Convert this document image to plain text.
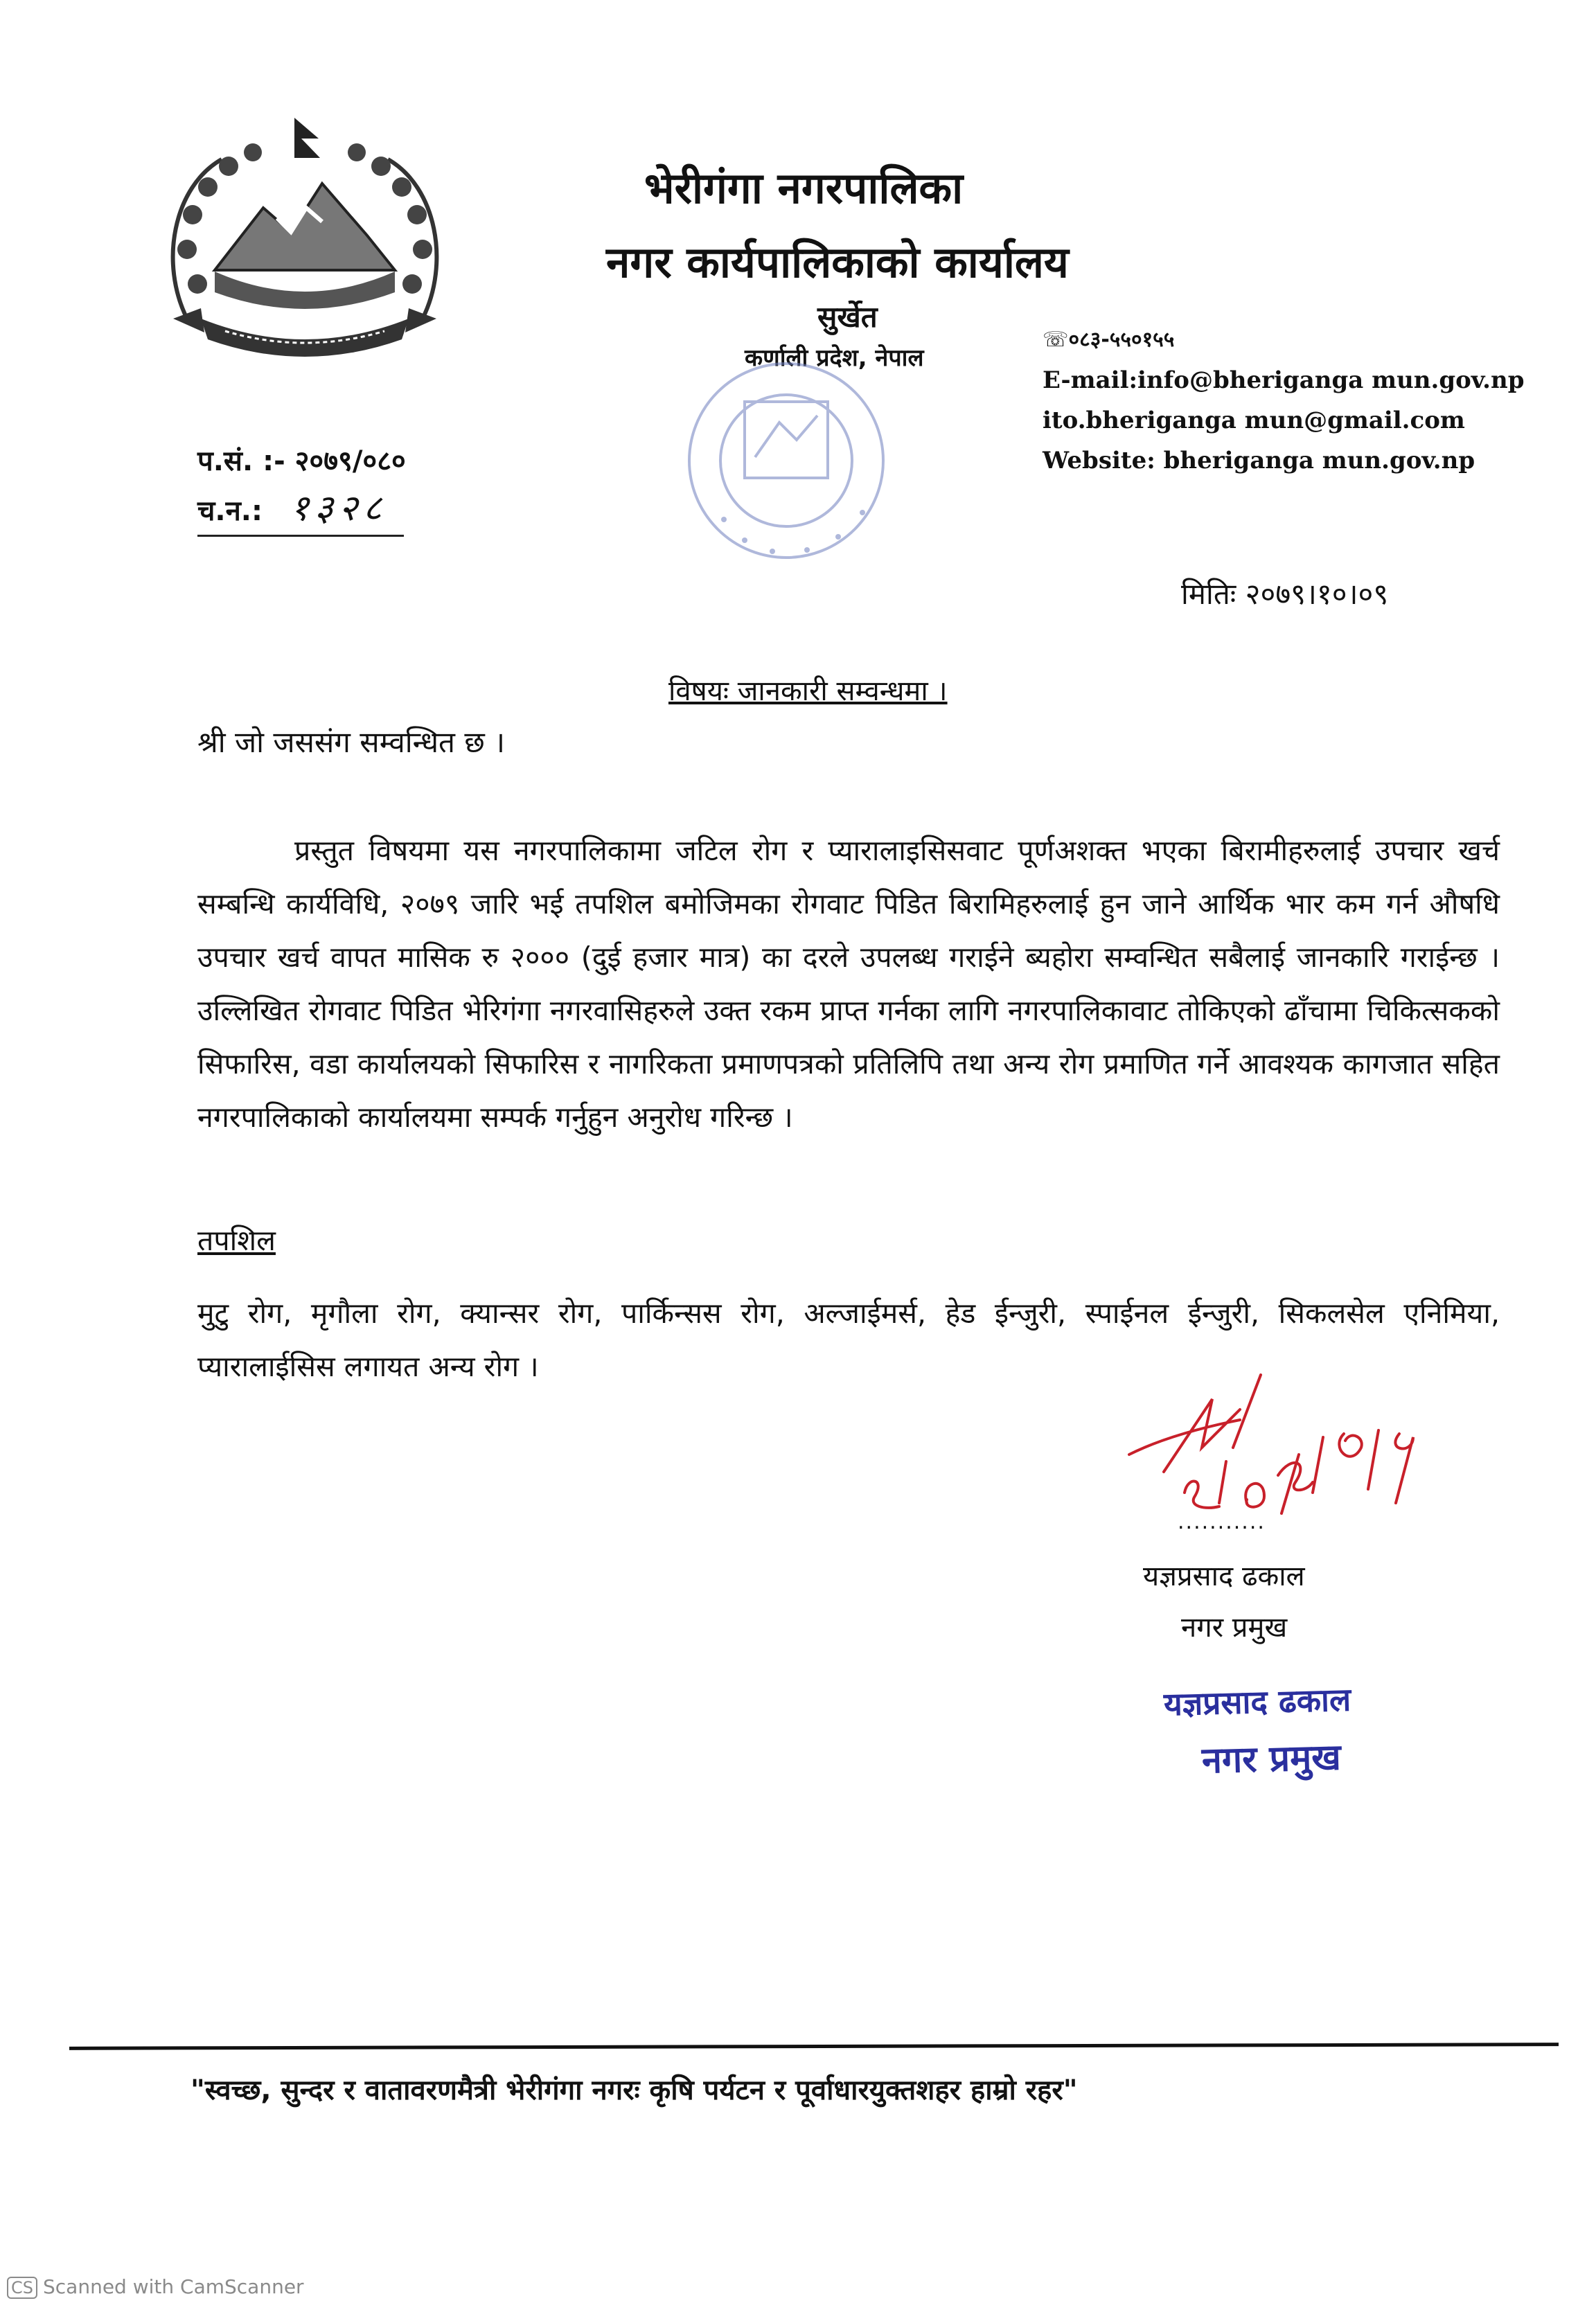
भेरीगंगा नगरपालिका
नगर कार्यपालिकाको कार्यालय
सुर्खेत
कर्णाली प्रदेश, नेपाल
☏०८३-५५०१५५
E-mail:info@bheriganga mun.gov.np
ito.bheriganga mun@gmail.com
Website: bheriganga mun.gov.np
प.सं. :- २०७९/०८०
च.न.: १३२८
मितिः २०७९।१०।०९
विषयः जानकारी सम्वन्धमा ।
श्री जो जससंग सम्वन्धित छ ।

प्रस्तुत विषयमा यस नगरपालिकामा जटिल रोग र प्यारालाइसिसवाट पूर्णअशक्त भएका बिरामीहरुलाई उपचार खर्च सम्बन्धि कार्यविधि, २०७९ जारि भई तपशिल बमोजिमका रोगवाट पिडित बिरामिहरुलाई हुन जाने आर्थिक भार कम गर्न औषधि उपचार खर्च वापत मासिक रु २००० (दुई हजार मात्र) का दरले उपलब्ध गराईने ब्यहोरा सम्वन्धित सबैलाई जानकारि गराईन्छ ।उल्लिखित रोगवाट पिडित भेरिगंगा नगरवासिहरुले उक्त रकम प्राप्त गर्नका लागि नगरपालिकावाट तोकिएको ढाँचामा चिकित्सकको सिफारिस, वडा कार्यालयको सिफारिस र नागरिकता प्रमाणपत्रको प्रतिलिपि तथा अन्य रोग प्रमाणित गर्ने आवश्यक कागजात सहित नगरपालिकाको कार्यालयमा सम्पर्क गर्नुहुन अनुरोध गरिन्छ ।

तपशिल
मुटु रोग, मृगौला रोग, क्यान्सर रोग, पार्किन्सस रोग, अल्जाईमर्स, हेड ईन्जुरी, स्पाईनल ईन्जुरी, सिकलसेल एनिमिया, प्यारालाईसिस लगायत अन्य रोग ।
...........
यज्ञप्रसाद ढकाल
नगर प्रमुख
यज्ञप्रसाद ढकाल
नगर प्रमुख
"स्वच्छ, सुन्दर र वातावरणमैत्री भेरीगंगा नगरः कृषि पर्यटन र पूर्वाधारयुक्तशहर हाम्रो रहर"
CS Scanned with CamScanner
